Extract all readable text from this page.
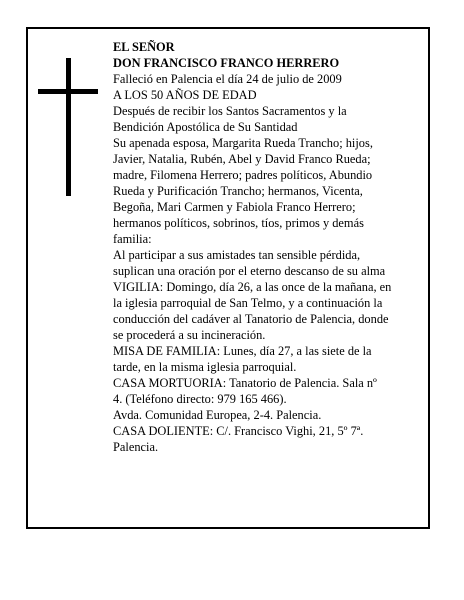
EL SEÑOR
DON FRANCISCO FRANCO HERRERO
Falleció en Palencia el día 24 de julio de 2009
A LOS 50 AÑOS DE EDAD
Después de recibir los Santos Sacramentos y la
Bendición Apostólica de Su Santidad
Su apenada esposa, Margarita Rueda Trancho; hijos,
Javier, Natalia, Rubén, Abel y David Franco Rueda;
madre, Filomena Herrero; padres políticos, Abundio
Rueda y Purificación Trancho; hermanos, Vicenta,
Begoña, Mari Carmen y Fabiola Franco Herrero;
hermanos políticos, sobrinos, tíos, primos y demás
familia:
Al participar a sus amistades tan sensible pérdida,
suplican una oración por el eterno descanso de su alma
VIGILIA: Domingo, día 26, a las once de la mañana, en
la iglesia parroquial de San Telmo, y a continuación la
conducción del cadáver al Tanatorio de Palencia, donde
se procederá a su incineración.
MISA DE FAMILIA: Lunes, día 27, a las siete de la
tarde, en la misma iglesia parroquial.
CASA MORTUORIA: Tanatorio de Palencia. Sala nº
4. (Teléfono directo: 979 165 466).
Avda. Comunidad Europea, 2-4. Palencia.
CASA DOLIENTE: C/. Francisco Vighi, 21, 5º 7ª.
Palencia.
